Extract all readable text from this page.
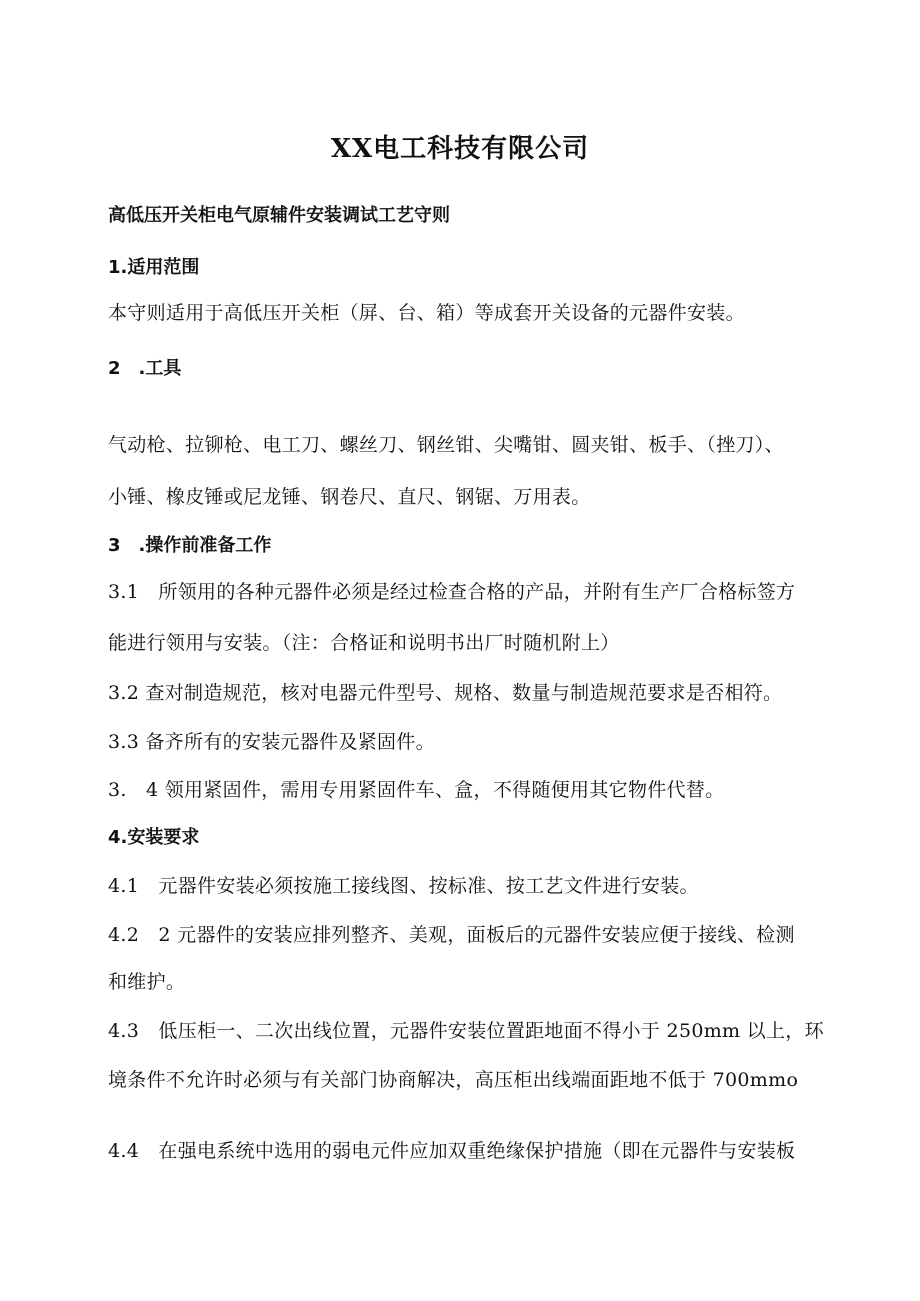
XX电工科技有限公司
高低压开关柜电气原辅件安装调试工艺守则
1.适用范围
本守则适用于高低压开关柜（屏、台、箱）等成套开关设备的元器件安装。
2　.工具
气动枪、拉铆枪、电工刀、螺丝刀、钢丝钳、尖嘴钳、圆夹钳、板手、（挫刀）、
小锤、橡皮锤或尼龙锤、钢卷尺、直尺、钢锯、万用表。
3　.操作前准备工作
3.1　所领用的各种元器件必须是经过检查合格的产品，并附有生产厂合格标签方
能进行领用与安装。（注：合格证和说明书出厂时随机附上）
3.2 查对制造规范，核对电器元件型号、规格、数量与制造规范要求是否相符。
3.3 备齐所有的安装元器件及紧固件。
3.　4 领用紧固件，需用专用紧固件车、盒，不得随便用其它物件代替。
4.安装要求
4.1　元器件安装必须按施工接线图、按标准、按工艺文件进行安装。
4.2　2 元器件的安装应排列整齐、美观，面板后的元器件安装应便于接线、检测
和维护。
4.3　低压柜一、二次出线位置，元器件安装位置距地面不得小于 250mm 以上，环
境条件不允许时必须与有关部门协商解决，高压柜出线端面距地不低于 700mmo
4.4　在强电系统中选用的弱电元件应加双重绝缘保护措施（即在元器件与安装板
